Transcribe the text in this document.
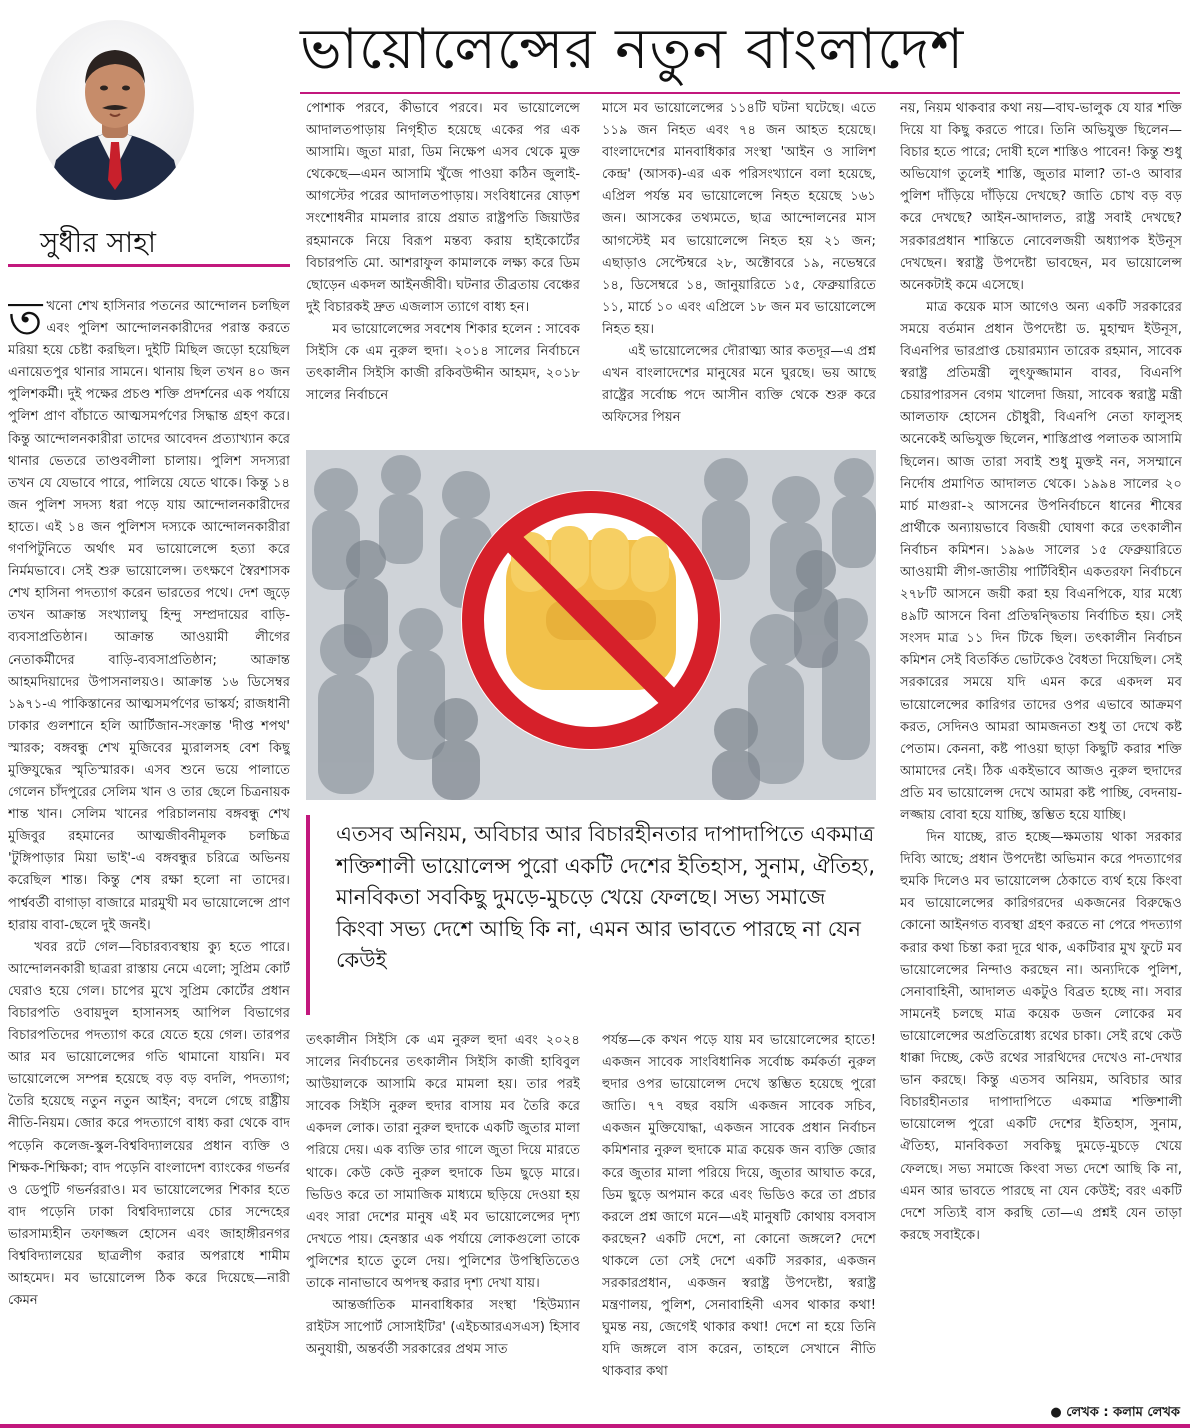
ভায়োলেন্সের নতুন বাংলাদেশ
সুধীর সাহা

তখনো শেখ হাসিনার পতনের আন্দোলন চলছিল এবং পুলিশ আন্দোলনকারীদের পরাস্ত করতে মরিয়া হয়ে চেষ্টা করছিল। দুইটি মিছিল জড়ো হয়েছিল এনায়েতপুর থানার সামনে। থানায় ছিল তখন ৪০ জন পুলিশকর্মী। দুই পক্ষের প্রচণ্ড শক্তি প্রদর্শনের এক পর্যায়ে পুলিশ প্রাণ বাঁচাতে আত্মসমর্পণের সিদ্ধান্ত গ্রহণ করে। কিন্তু আন্দোলনকারীরা তাদের আবেদন প্রত্যাখ্যান করে থানার ভেতরে তাণ্ডবলীলা চালায়। পুলিশ সদস্যরা তখন যে যেভাবে পারে, পালিয়ে যেতে থাকে। কিন্তু ১৪ জন পুলিশ সদস্য ধরা পড়ে যায় আন্দোলনকারীদের হাতে। এই ১৪ জন পুলিশস দস্যকে আন্দোলনকারীরা গণপিটুনিতে অর্থাৎ মব ভায়োলেন্সে হত্যা করে নির্মমভাবে। সেই শুরু ভায়োলেন্স। তৎক্ষণে স্বৈরশাসক শেখ হাসিনা পদত্যাগ করেন ভারতের পথে। দেশ জুড়ে তখন আক্রান্ত সংখ্যালঘু হিন্দু সম্প্রদায়ের বাড়ি-ব্যবসাপ্রতিষ্ঠান। আক্রান্ত আওয়ামী লীগের নেতাকর্মীদের বাড়ি-ব্যবসাপ্রতিষ্ঠান; আক্রান্ত আহমদিয়াদের উপাসনালয়ও। আক্রান্ত ১৬ ডিসেম্বর ১৯৭১-এ পাকিস্তানের আত্মসমর্পণের ভাস্কর্য; রাজধানী ঢাকার গুলশানে হলি আর্টিজান-সংক্রান্ত 'দীপ্ত শপথ' স্মারক; বঙ্গবন্ধু শেখ মুজিবের ম্যুরালসহ বেশ কিছু মুক্তিযুদ্ধের স্মৃতিস্মারক। এসব শুনে ভয়ে পালাতে গেলেন চাঁদপুরের সেলিম খান ও তার ছেলে চিত্রনায়ক শান্ত খান। সেলিম খানের পরিচালনায় বঙ্গবন্ধু শেখ মুজিবুর রহমানের আত্মজীবনীমূলক চলচ্চিত্র 'টুঙ্গিপাড়ার মিয়া ভাই'-এ বঙ্গবন্ধুর চরিত্রে অভিনয় করেছিল শান্ত। কিন্তু শেষ রক্ষা হলো না তাদের। পার্শ্ববর্তী বাগাড়া বাজারে মারমুখী মব ভায়োলেন্সে প্রাণ হারায় বাবা-ছেলে দুই জনই।

খবর রটে গেল—বিচারব্যবস্থায় ক্যু হতে পারে। আন্দোলনকারী ছাত্ররা রাস্তায় নেমে এলো; সুপ্রিম কোর্ট ঘেরাও হয়ে গেল। চাপের মুখে সুপ্রিম কোর্টের প্রধান বিচারপতি ওবায়দুল হাসানসহ আপিল বিভাগের বিচারপতিদের পদত্যাগ করে যেতে হয়ে গেল। তারপর আর মব ভায়োলেন্সের গতি থামানো যায়নি। মব ভায়োলেন্সে সম্পন্ন হয়েছে বড় বড় বদলি, পদত্যাগ; তৈরি হয়েছে নতুন নতুন আইন; বদলে গেছে রাষ্ট্রীয় নীতি-নিয়ম। জোর করে পদত্যাগে বাধ্য করা থেকে বাদ পড়েনি কলেজ-স্কুল-বিশ্ববিদ্যালয়ের প্রধান ব্যক্তি ও শিক্ষক-শিক্ষিকা; বাদ পড়েনি বাংলাদেশ ব্যাংকের গভর্নর ও ডেপুটি গভর্নররাও। মব ভায়োলেন্সের শিকার হতে বাদ পড়েনি ঢাকা বিশ্ববিদ্যালয়ে চোর সন্দেহের ভারসাম্যহীন তফাজ্জল হোসেন এবং জাহাঙ্গীরনগর বিশ্ববিদ্যালয়ের ছাত্রলীগ করার অপরাধে শামীম আহমেদ। মব ভায়োলেন্স ঠিক করে দিয়েছে—নারী কেমন

পোশাক পরবে, কীভাবে পরবে। মব ভায়োলেন্সে আদালতপাড়ায় নিগৃহীত হয়েছে একের পর এক আসামি। জুতা মারা, ডিম নিক্ষেপ এসব থেকে মুক্ত থেকেছে—এমন আসামি খুঁজে পাওয়া কঠিন জুলাই-আগস্টের পরের আদালতপাড়ায়। সংবিধানের ষোড়শ সংশোধনীর মামলার রায়ে প্রয়াত রাষ্ট্রপতি জিয়াউর রহমানকে নিয়ে বিরূপ মন্তব্য করায় হাইকোর্টের বিচারপতি মো. আশরাফুল কামালকে লক্ষ্য করে ডিম ছোড়েন একদল আইনজীবী। ঘটনার তীব্রতায় বেঞ্চের দুই বিচারকই দ্রুত এজলাস ত্যাগে বাধ্য হন।

মব ভায়োলেন্সের সবশেষ শিকার হলেন : সাবেক সিইসি কে এম নুরুল হুদা। ২০১৪ সালের নির্বাচনে তৎকালীন সিইসি কাজী রকিবউদ্দীন আহমদ, ২০১৮ সালের নির্বাচনে

মাসে মব ভায়োলেন্সের ১১৪টি ঘটনা ঘটেছে। এতে ১১৯ জন নিহত এবং ৭৪ জন আহত হয়েছে। বাংলাদেশের মানবাধিকার সংস্থা 'আইন ও সালিশ কেন্দ্র' (আসক)-এর এক পরিসংখ্যানে বলা হয়েছে, এপ্রিল পর্যন্ত মব ভায়োলেন্সে নিহত হয়েছে ১৬১ জন। আসকের তথ্যমতে, ছাত্র আন্দোলনের মাস আগস্টেই মব ভায়োলেন্সে নিহত হয় ২১ জন; এছাড়াও সেপ্টেম্বরে ২৮, অক্টোবরে ১৯, নভেম্বরে ১৪, ডিসেম্বরে ১৪, জানুয়ারিতে ১৫, ফেব্রুয়ারিতে ১১, মার্চে ১০ এবং এপ্রিলে ১৮ জন মব ভায়োলেন্সে নিহত হয়।

এই ভায়োলেন্সের দৌরাত্ম্য আর কতদূর—এ প্রশ্ন এখন বাংলাদেশের মানুষের মনে ঘুরছে। ভয় আছে রাষ্ট্রের সর্বোচ্চ পদে আসীন ব্যক্তি থেকে শুরু করে অফিসের পিয়ন

এতসব অনিয়ম, অবিচার আর বিচারহীনতার দাপাদাপিতে একমাত্র শক্তিশালী ভায়োলেন্স পুরো একটি দেশের ইতিহাস, সুনাম, ঐতিহ্য, মানবিকতা সবকিছু দুমড়ে-মুচড়ে খেয়ে ফেলছে। সভ্য সমাজে কিংবা সভ্য দেশে আছি কি না, এমন আর ভাবতে পারছে না যেন কেউই

তৎকালীন সিইসি কে এম নুরুল হুদা এবং ২০২৪ সালের নির্বাচনের তৎকালীন সিইসি কাজী হাবিবুল আউয়ালকে আসামি করে মামলা হয়। তার পরই সাবেক সিইসি নুরুল হুদার বাসায় মব তৈরি করে একদল লোক। তারা নুরুল হুদাকে একটি জুতার মালা পরিয়ে দেয়। এক ব্যক্তি তার গালে জুতা দিয়ে মারতে থাকে। কেউ কেউ নুরুল হুদাকে ডিম ছুড়ে মারে। ভিডিও করে তা সামাজিক মাধ্যমে ছড়িয়ে দেওয়া হয় এবং সারা দেশের মানুষ এই মব ভায়োলেন্সের দৃশ্য দেখতে পায়। হেনস্তার এক পর্যায়ে লোকগুলো তাকে পুলিশের হাতে তুলে দেয়। পুলিশের উপস্থিতিতেও তাকে নানাভাবে অপদস্থ করার দৃশ্য দেখা যায়।

আন্তর্জাতিক মানবাধিকার সংস্থা 'হিউম্যান রাইটস সাপোর্ট সোসাইটির' (এইচআরএসএস) হিসাব অনুযায়ী, অন্তর্বর্তী সরকারের প্রথম সাত

পর্যন্ত—কে কখন পড়ে যায় মব ভায়োলেন্সের হাতে! একজন সাবেক সাংবিধানিক সর্বোচ্চ কর্মকর্তা নুরুল হুদার ওপর ভায়োলেন্স দেখে স্তম্ভিত হয়েছে পুরো জাতি। ৭৭ বছর বয়সি একজন সাবেক সচিব, একজন মুক্তিযোদ্ধা, একজন সাবেক প্রধান নির্বাচন কমিশনার নুরুল হুদাকে মাত্র কয়েক জন ব্যক্তি জোর করে জুতার মালা পরিয়ে দিয়ে, জুতার আঘাত করে, ডিম ছুড়ে অপমান করে এবং ভিডিও করে তা প্রচার করলে প্রশ্ন জাগে মনে—এই মানুষটি কোথায় বসবাস করছেন? একটি দেশে, না কোনো জঙ্গলে? দেশে থাকলে তো সেই দেশে একটি সরকার, একজন সরকারপ্রধান, একজন স্বরাষ্ট্র উপদেষ্টা, স্বরাষ্ট্র মন্ত্রণালয়, পুলিশ, সেনাবাহিনী এসব থাকার কথা! ঘুমন্ত নয়, জেগেই থাকার কথা! দেশে না হয়ে তিনি যদি জঙ্গলে বাস করেন, তাহলে সেখানে নীতি থাকবার কথা

নয়, নিয়ম থাকবার কথা নয়—বাঘ-ভালুক যে যার শক্তি দিয়ে যা কিছু করতে পারে। তিনি অভিযুক্ত ছিলেন—বিচার হতে পারে; দোষী হলে শাস্তিও পাবেন! কিন্তু শুধু অভিযোগ তুলেই শাস্তি, জুতার মালা? তা-ও আবার পুলিশ দাঁড়িয়ে দাঁড়িয়ে দেখছে? জাতি চোখ বড় বড় করে দেখছে? আইন-আদালত, রাষ্ট্র সবাই দেখছে? সরকারপ্রধান শান্তিতে নোবেলজয়ী অধ্যাপক ইউনূস দেখছেন। স্বরাষ্ট্র উপদেষ্টা ভাবছেন, মব ভায়োলেন্স অনেকটাই কমে এসেছে।

মাত্র কয়েক মাস আগেও অন্য একটি সরকারের সময়ে বর্তমান প্রধান উপদেষ্টা ড. মুহাম্মদ ইউনূস, বিএনপির ভারপ্রাপ্ত চেয়ারম্যান তারেক রহমান, সাবেক স্বরাষ্ট্র প্রতিমন্ত্রী লুৎফুজ্জামান বাবর, বিএনপি চেয়ারপারসন বেগম খালেদা জিয়া, সাবেক স্বরাষ্ট্র মন্ত্রী আলতাফ হোসেন চৌধুরী, বিএনপি নেতা ফালুসহ অনেকেই অভিযুক্ত ছিলেন, শাস্তিপ্রাপ্ত পলাতক আসামি ছিলেন। আজ তারা সবাই শুধু মুক্তই নন, সসম্মানে নির্দোষ প্রমাণিত আদালত থেকে। ১৯৯৪ সালের ২০ মার্চ মাগুরা-২ আসনের উপনির্বাচনে ধানের শীষের প্রার্থীকে অন্যায়ভাবে বিজয়ী ঘোষণা করে তৎকালীন নির্বাচন কমিশন। ১৯৯৬ সালের ১৫ ফেব্রুয়ারিতে আওয়ামী লীগ-জাতীয় পার্টিবিহীন একতরফা নির্বাচনে ২৭৮টি আসনে জয়ী করা হয় বিএনপিকে, যার মধ্যে ৪৯টি আসনে বিনা প্রতিদ্বন্দ্বিতায় নির্বাচিত হয়। সেই সংসদ মাত্র ১১ দিন টিকে ছিল। তৎকালীন নির্বাচন কমিশন সেই বিতর্কিত ভোটকেও বৈধতা দিয়েছিল। সেই সরকারের সময়ে যদি এমন করে একদল মব ভায়োলেন্সের কারিগর তাদের ওপর এভাবে আক্রমণ করত, সেদিনও আমরা আমজনতা শুধু তা দেখে কষ্ট পেতাম। কেননা, কষ্ট পাওয়া ছাড়া কিছুটি করার শক্তি আমাদের নেই। ঠিক একইভাবে আজও নুরুল হুদাদের প্রতি মব ভায়োলেন্স দেখে আমরা কষ্ট পাচ্ছি, বেদনায়-লজ্জায় বোবা হয়ে যাচ্ছি, স্তম্ভিত হয়ে যাচ্ছি।

দিন যাচ্ছে, রাত হচ্ছে—ক্ষমতায় থাকা সরকার দিব্যি আছে; প্রধান উপদেষ্টা অভিমান করে পদত্যাগের হুমকি দিলেও মব ভায়োলেন্স ঠেকাতে ব্যর্থ হয়ে কিংবা মব ভায়োলেন্সের কারিগরদের একজনের বিরুদ্ধেও কোনো আইনগত ব্যবস্থা গ্রহণ করতে না পেরে পদত্যাগ করার কথা চিন্তা করা দূরে থাক, একটিবার মুখ ফুটে মব ভায়োলেন্সের নিন্দাও করছেন না। অন্যদিকে পুলিশ, সেনাবাহিনী, আদালত একটুও বিব্রত হচ্ছে না। সবার সামনেই চলছে মাত্র কয়েক ডজন লোকের মব ভায়োলেন্সের অপ্রতিরোধ্য রথের চাকা। সেই রথে কেউ ধাক্কা দিচ্ছে, কেউ রথের সারথিদের দেখেও না-দেখার ভান করছে। কিন্তু এতসব অনিয়ম, অবিচার আর বিচারহীনতার দাপাদাপিতে একমাত্র শক্তিশালী ভায়োলেন্স পুরো একটি দেশের ইতিহাস, সুনাম, ঐতিহ্য, মানবিকতা সবকিছু দুমড়ে-মুচড়ে খেয়ে ফেলছে। সভ্য সমাজে কিংবা সভ্য দেশে আছি কি না, এমন আর ভাবতে পারছে না যেন কেউই; বরং একটি দেশে সত্যিই বাস করছি তো—এ প্রশ্নই যেন তাড়া করছে সবাইকে।

● লেখক : কলাম লেখক
